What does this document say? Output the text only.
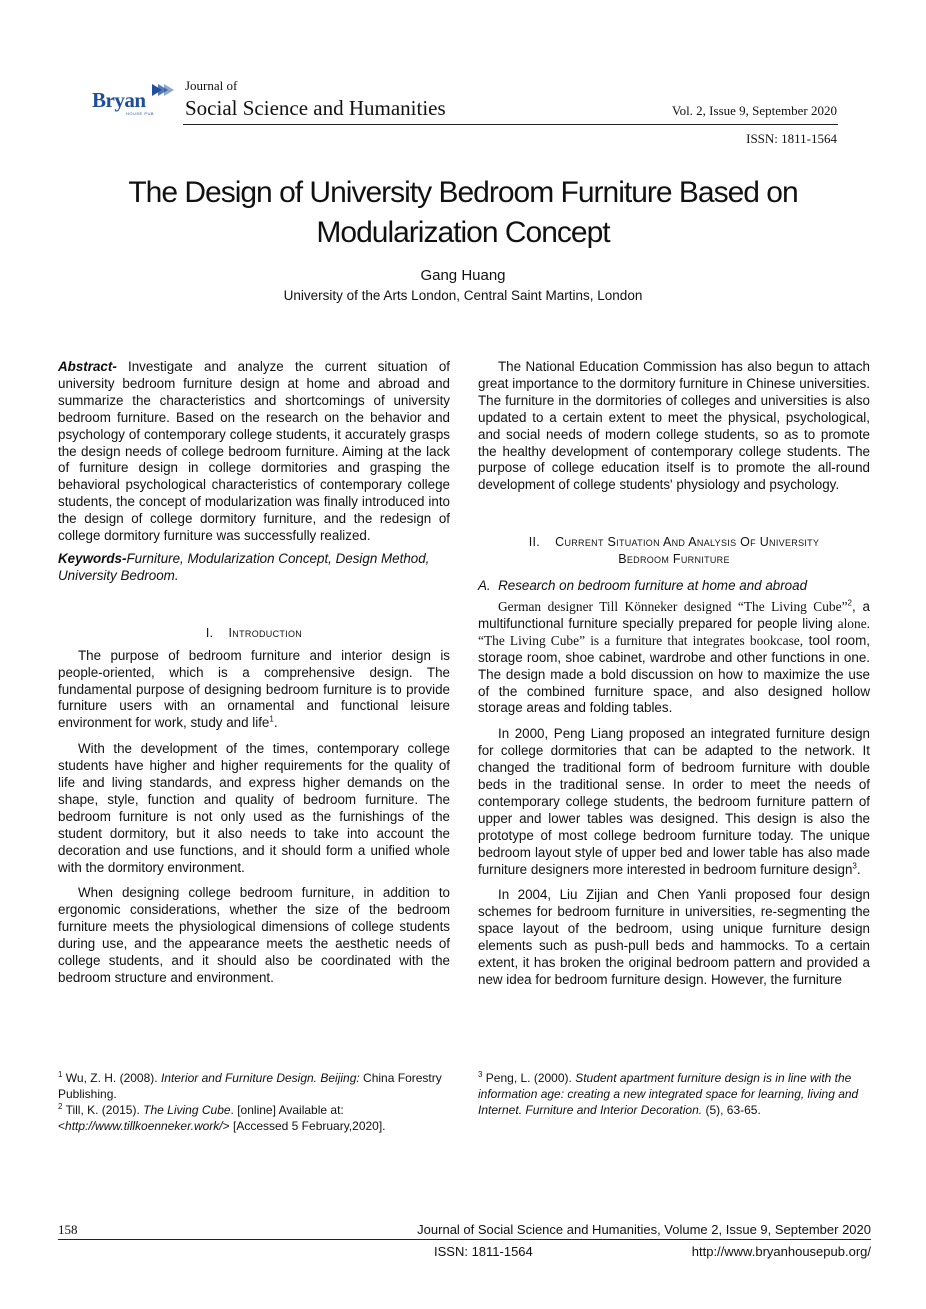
Bryan
HOUSE PUB
Journal of
Social Science and Humanities	Vol. 2, Issue 9, September 2020
ISSN: 1811-1564
The Design of University Bedroom Furniture Based on
Modularization Concept
Gang Huang
University of the Arts London, Central Saint Martins, London

Abstract- Investigate and analyze the current situation of university bedroom furniture design at home and abroad and summarize the characteristics and shortcomings of university bedroom furniture. Based on the research on the behavior and psychology of contemporary college students, it accurately grasps the design needs of college bedroom furniture. Aiming at the lack of furniture design in college dormitories and grasping the behavioral psychological characteristics of contemporary college students, the concept of modularization was finally introduced into the design of college dormitory furniture, and the redesign of college dormitory furniture was successfully realized.

Keywords-Furniture, Modularization Concept, Design Method, University Bedroom.

I.    Introduction

The purpose of bedroom furniture and interior design is people-oriented, which is a comprehensive design. The fundamental purpose of designing bedroom furniture is to provide furniture users with an ornamental and functional leisure environment for work, study and life$^1$.

With the development of the times, contemporary college students have higher and higher requirements for the quality of life and living standards, and express higher demands on the shape, style, function and quality of bedroom furniture. The bedroom furniture is not only used as the furnishings of the student dormitory, but it also needs to take into account the decoration and use functions, and it should form a unified whole with the dormitory environment.

When designing college bedroom furniture, in addition to ergonomic considerations, whether the size of the bedroom furniture meets the physiological dimensions of college students during use, and the appearance meets the aesthetic needs of college students, and it should also be coordinated with the bedroom structure and environment.

The National Education Commission has also begun to attach great importance to the dormitory furniture in Chinese universities. The furniture in the dormitories of colleges and universities is also updated to a certain extent to meet the physical, psychological, and social needs of modern college students, so as to promote the healthy development of contemporary college students. The purpose of college education itself is to promote the all-round development of college students' physiology and psychology.

II.    Current Situation And Analysis Of University
Bedroom Furniture
A.  Research on bedroom furniture at home and abroad

German designer Till Könneker designed “The Living Cube”$^2$, a multifunctional furniture specially prepared for people living alone. “The Living Cube” is a furniture that integrates bookcase, tool room, storage room, shoe cabinet, wardrobe and other functions in one. The design made a bold discussion on how to maximize the use of the combined furniture space, and also designed hollow storage areas and folding tables.

In 2000, Peng Liang proposed an integrated furniture design for college dormitories that can be adapted to the network. It changed the traditional form of bedroom furniture with double beds in the traditional sense. In order to meet the needs of contemporary college students, the bedroom furniture pattern of upper and lower tables was designed. This design is also the prototype of most college bedroom furniture today. The unique bedroom layout style of upper bed and lower table has also made furniture designers more interested in bedroom furniture design$^3$.

In 2004, Liu Zijian and Chen Yanli proposed four design schemes for bedroom furniture in universities, re-segmenting the space layout of the bedroom, using unique furniture design elements such as push-pull beds and hammocks. To a certain extent, it has broken the original bedroom pattern and provided a new idea for bedroom furniture design. However, the furniture

$^1$ Wu, Z. H. (2008). Interior and Furniture Design. Beijing: China Forestry Publishing.
$^2$ Till, K. (2015). The Living Cube. [online] Available at:<http://www.tillkoenneker.work/> [Accessed 5 February,2020].
$^3$ Peng, L. (2000). Student apartment furniture design is in line with the information age: creating a new integrated space for learning, living and Internet. Furniture and Interior Decoration. (5), 63-65.
158	Journal of Social Science and Humanities, Volume 2, Issue 9, September 2020
ISSN: 1811-1564	http://www.bryanhousepub.org/
